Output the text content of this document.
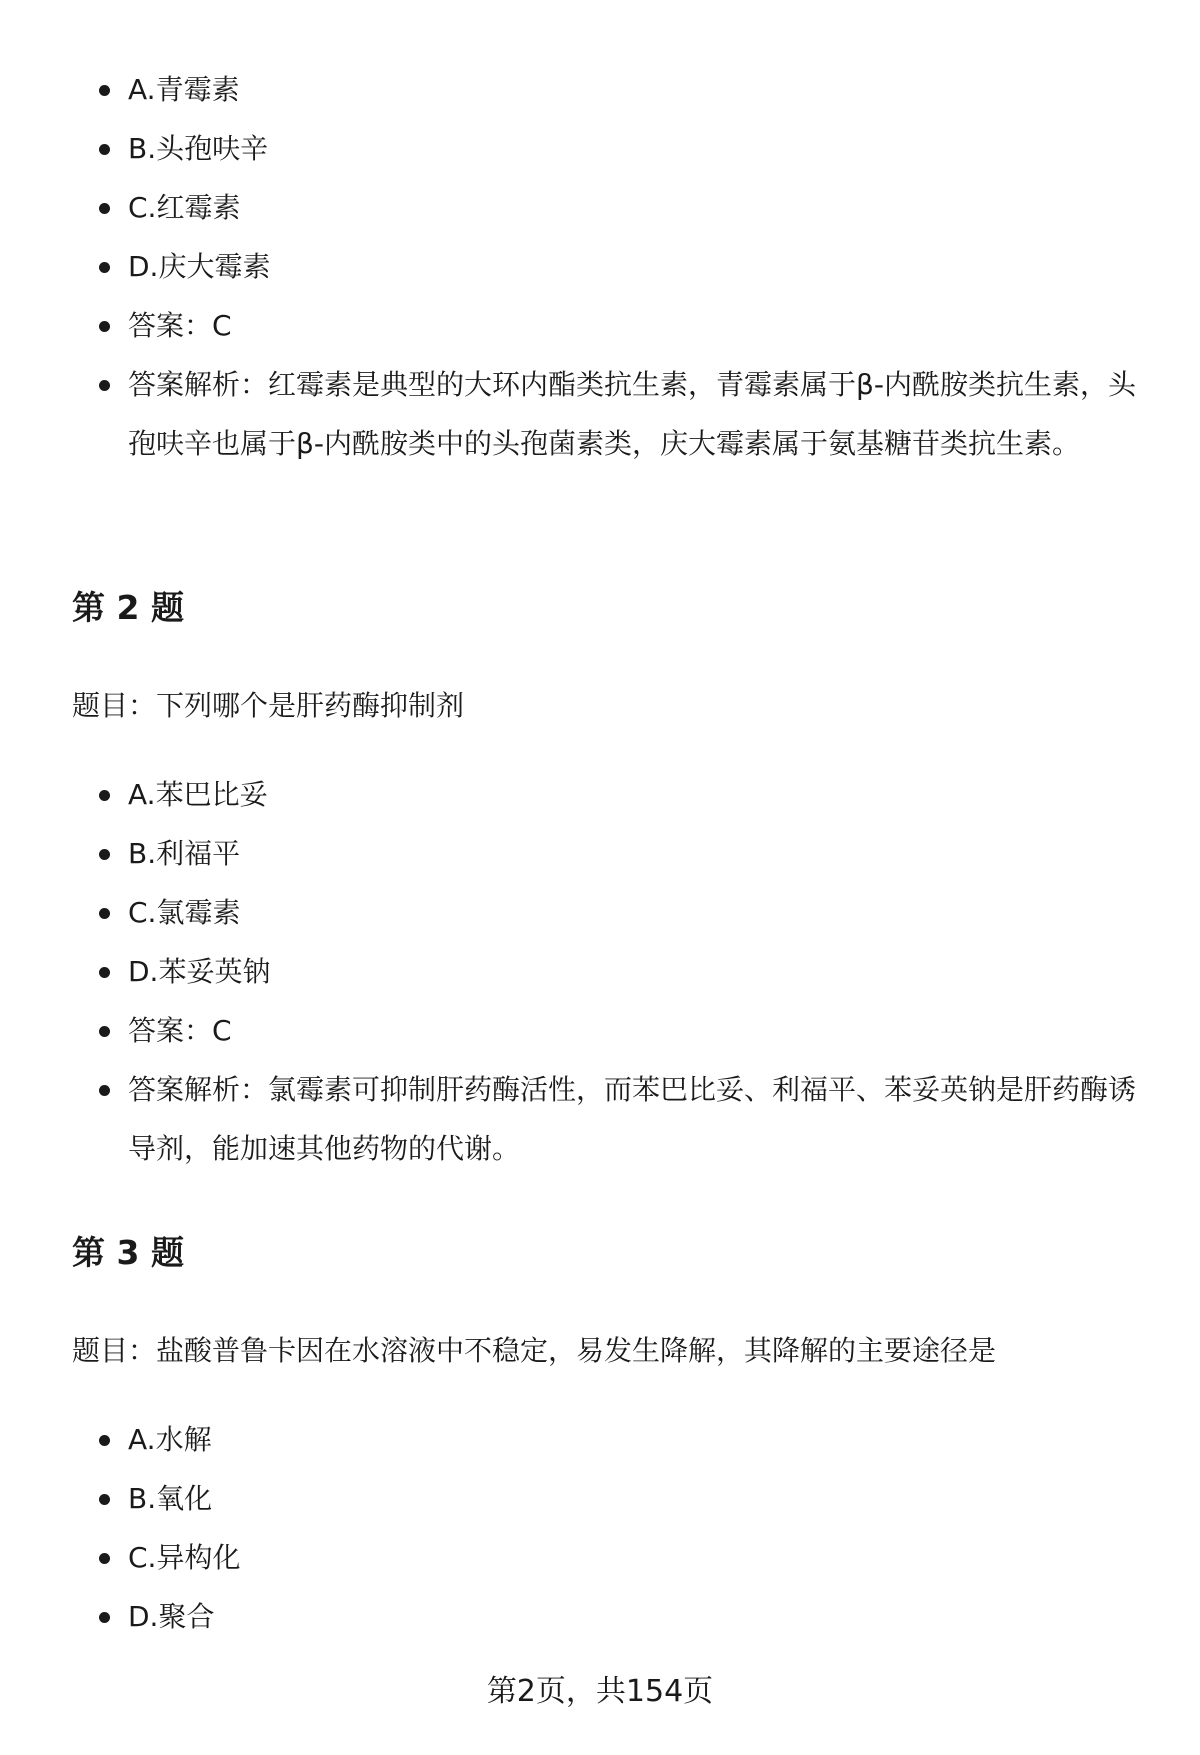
A.青霉素
B.头孢呋辛
C.红霉素
D.庆大霉素
答案：C
答案解析：红霉素是典型的大环内酯类抗生素，青霉素属于β-内酰胺类抗生素，头孢呋辛也属于β-内酰胺类中的头孢菌素类，庆大霉素属于氨基糖苷类抗生素。
第 2 题

题目：下列哪个是肝药酶抑制剂

A.苯巴比妥
B.利福平
C.氯霉素
D.苯妥英钠
答案：C
答案解析：氯霉素可抑制肝药酶活性，而苯巴比妥、利福平、苯妥英钠是肝药酶诱导剂，能加速其他药物的代谢。
第 3 题

题目：盐酸普鲁卡因在水溶液中不稳定，易发生降解，其降解的主要途径是

A.水解
B.氧化
C.异构化
D.聚合
第2页，共154页
